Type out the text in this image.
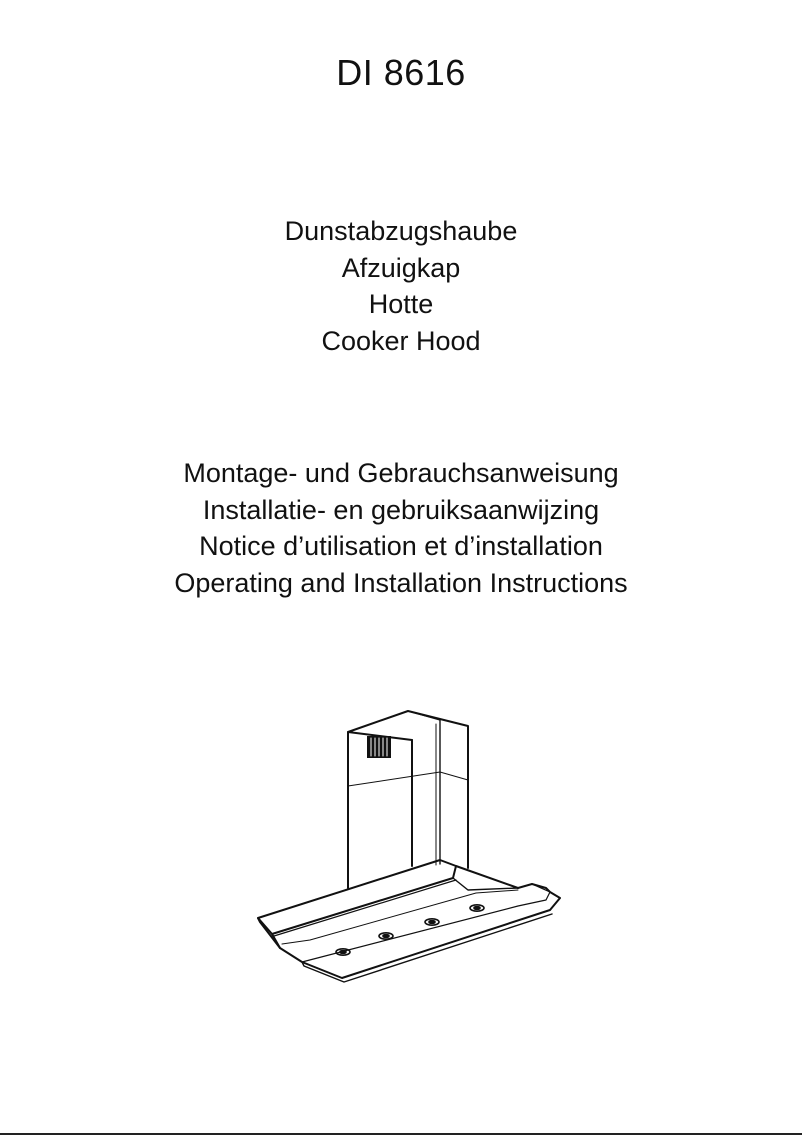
DI 8616
Dunstabzugshaube
Afzuigkap
Hotte
Cooker Hood
Montage- und Gebrauchsanweisung
Installatie- en gebruiksaanwijzing
Notice d’utilisation et d’installation
Operating and Installation Instructions
